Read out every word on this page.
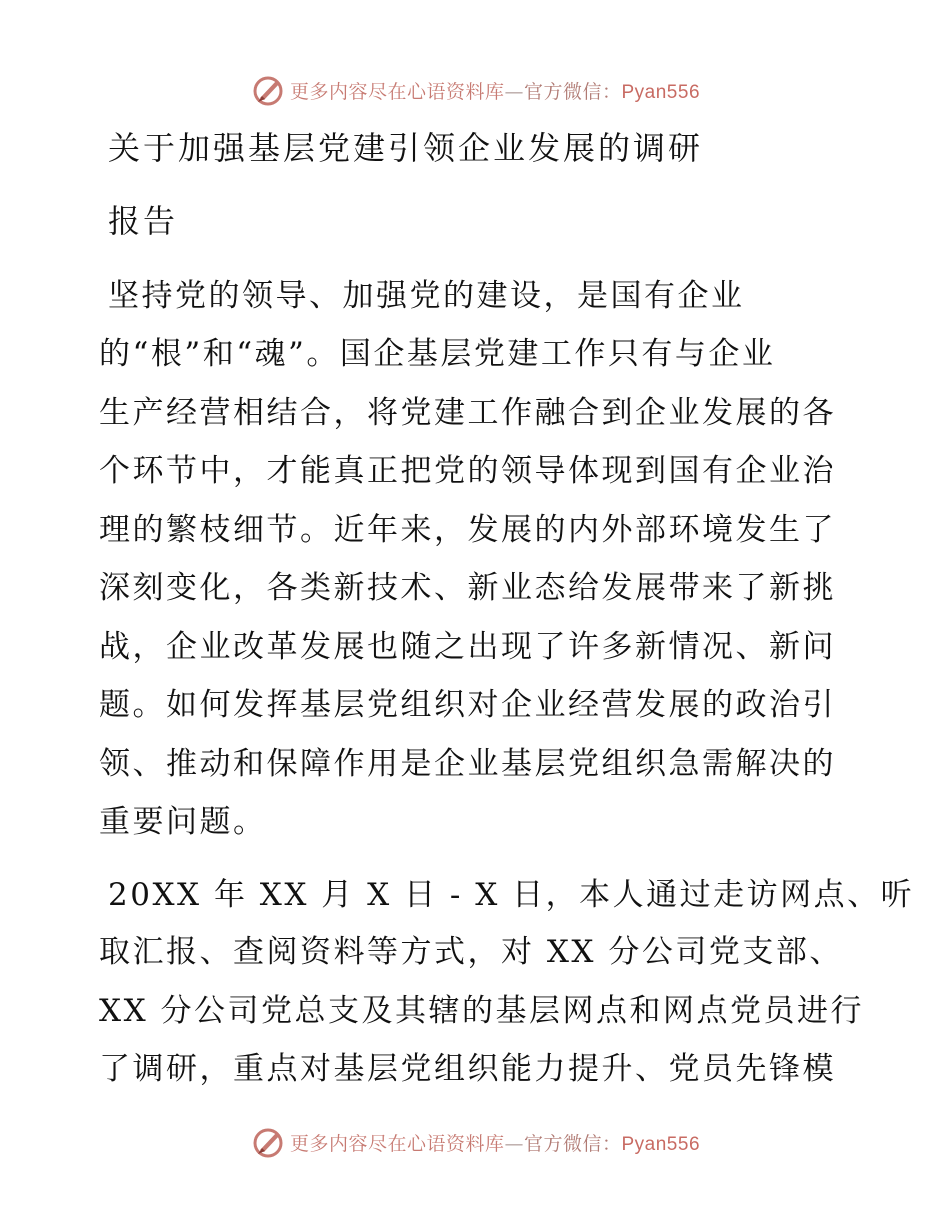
更多内容尽在心语资料库—官方微信：Pyan556

关于加强基层党建引领企业发展的调研

报告

坚持党的领导、加强党的建设，是国有企业

的“根”和“魂”。国企基层党建工作只有与企业

生产经营相结合，将党建工作融合到企业发展的各

个环节中，才能真正把党的领导体现到国有企业治

理的繁枝细节。近年来，发展的内外部环境发生了

深刻变化，各类新技术、新业态给发展带来了新挑

战，企业改革发展也随之出现了许多新情况、新问

题。如何发挥基层党组织对企业经营发展的政治引

领、推动和保障作用是企业基层党组织急需解决的

重要问题。

20XX 年 XX 月 X 日 - X 日，本人通过走访网点、听

取汇报、查阅资料等方式，对 XX 分公司党支部、

XX 分公司党总支及其辖的基层网点和网点党员进行

了调研，重点对基层党组织能力提升、党员先锋模

更多内容尽在心语资料库—官方微信：Pyan556
